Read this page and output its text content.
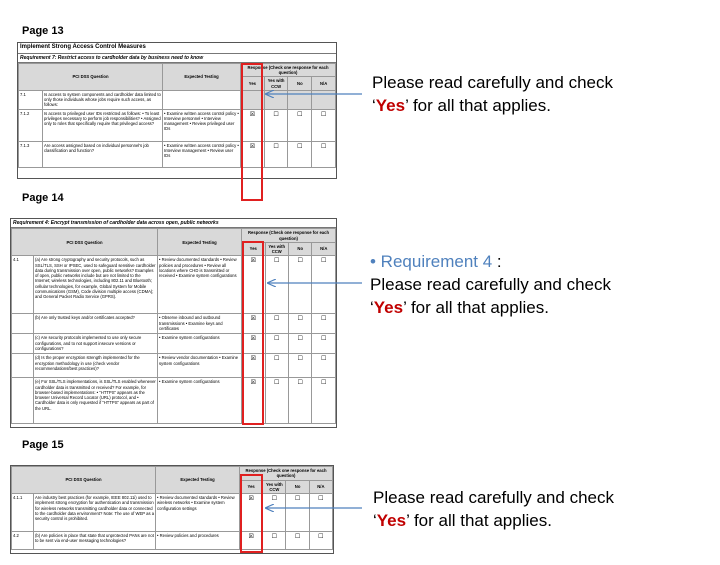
Page 13
Page 14
Page 15
Implement Strong Access Control Measures
Requirement 7: Restrict access to cardholder data by business need to know
PCI DSS Question		Expected Testing	Response (Check one response for each question)			
			Yes	Yes with CCW	No	N/A
7.1	Is access to system components and cardholder data limited to only those individuals whose jobs require such access, as follows:					
7.1.2	Is access to privileged user IDs restricted as follows: • To least privileges necessary to perform job responsibilities? • Assigned only to roles that specifically require that privileged access?	• Examine written access control policy • Interview personnel • Interview management • Review privileged user IDs	☒	☐	☐	☐
7.1.3	Are access assigned based on individual personnel's job classification and function?	• Examine written access control policy • Interview management • Review user IDs	☒	☐	☐	☐
Requirement 4: Encrypt transmission of cardholder data across open, public networks
PCI DSS Question		Expected Testing	Response (Check one response for each question)			
			Yes	Yes with CCW	No	N/A
4.1	(a) Are strong cryptography and security protocols, such as SSL/TLS, SSH or IPSEC, used to safeguard sensitive cardholder data during transmission over open, public networks? Examples of open, public networks include but are not limited to the Internet; wireless technologies, including 802.11 and Bluetooth; cellular technologies, for example, Global System for Mobile communications (GSM), Code division multiple access (CDMA); and General Packet Radio Service (GPRS).	• Review documented standards • Review policies and procedures • Review all locations where CHD is transmitted or received • Examine system configurations	☒	☐	☐	☐
	(b) Are only trusted keys and/or certificates accepted?	• Observe inbound and outbound transmissions • Examine keys and certificates	☒	☐	☐	☐
	(c) Are security protocols implemented to use only secure configurations, and to not support insecure versions or configurations?	• Examine system configurations	☒	☐	☐	☐
	(d) Is the proper encryption strength implemented for the encryption methodology in use (check vendor recommendations/best practices)?	• Review vendor documentation • Examine system configurations	☒	☐	☐	☐
	(e) For SSL/TLS implementations, is SSL/TLS enabled whenever cardholder data is transmitted or received? For example, for browser-based implementations: • "HTTPS" appears as the browser Universal Record Locator (URL) protocol, and • Cardholder data is only requested if "HTTPS" appears as part of the URL.	• Examine system configurations	☒	☐	☐	☐
PCI DSS Question		Expected Testing	Response (Check one response for each question)			
			Yes	Yes with CCW	No	N/A
4.1.1	Are industry best practices (for example, IEEE 802.11i) used to implement strong encryption for authentication and transmission for wireless networks transmitting cardholder data or connected to the cardholder data environment? Note: The use of WEP as a security control is prohibited.	• Review documented standards • Review wireless networks • Examine system configuration settings	☒	☐	☐	☐
4.2	(b) Are policies in place that state that unprotected PANs are not to be sent via end-user messaging technologies?	• Review policies and procedures	☒	☐	☐	☐
Please read carefully and check
‘Yes’ for all that applies.
• Requirement 4 :
Please read carefully and check
‘Yes’ for all that applies.
Please read carefully and check
‘Yes’ for all that applies.
